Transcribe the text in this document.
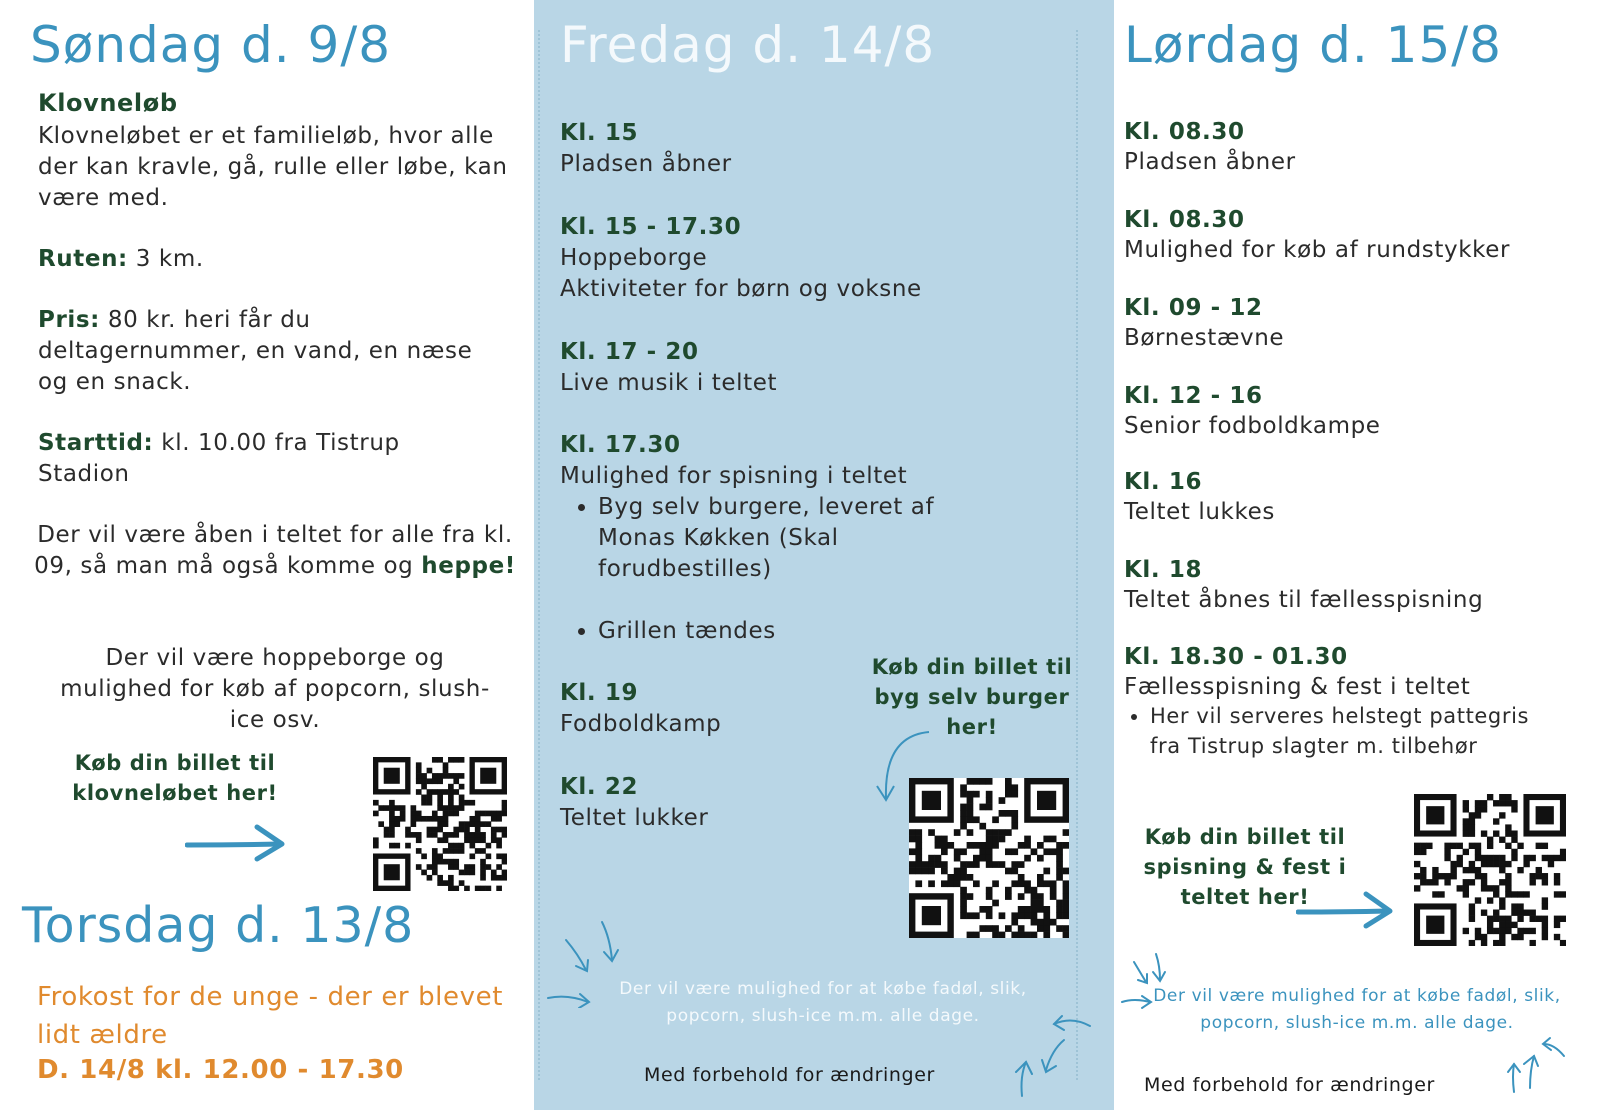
Søndag d. 9/8
Klovneløb
Klovneløbet er et familieløb, hvor alle der kan kravle, gå, rulle eller løbe, kan være med.
Ruten: 3 km.
Pris: 80 kr. heri får du deltagernummer, en vand, en næse og en snack.
Starttid: kl. 10.00 fra Tistrup Stadion
Der vil være åben i teltet for alle fra kl. 09, så man må også komme og heppe!
Der vil være hoppeborge og mulighed for køb af popcorn, slush-ice osv.
Køb din billet til klovneløbet her!
Torsdag d. 13/8
Frokost for de unge - der er blevet lidt ældre
D. 14/8 kl. 12.00 - 17.30
Fredag d. 14/8
Kl. 15
Pladsen åbner
Kl. 15 - 17.30
Hoppeborge
Aktiviteter for børn og voksne
Kl. 17 - 20
Live musik i teltet
Kl. 17.30
Mulighed for spisning i teltet
• Byg selv burgere, leveret af Monas Køkken (Skal forudbestilles)
• Grillen tændes
Kl. 19
Fodboldkamp
Kl. 22
Teltet lukker
Køb din billet til byg selv burger her!
Der vil være mulighed for at købe fadøl, slik, popcorn, slush-ice m.m. alle dage.
Med forbehold for ændringer
Lørdag d. 15/8
Kl. 08.30
Pladsen åbner
Kl. 08.30
Mulighed for køb af rundstykker
Kl. 09 - 12
Børnestævne
Kl. 12 - 16
Senior fodboldkampe
Kl. 16
Teltet lukkes
Kl. 18
Teltet åbnes til fællesspisning
Kl. 18.30 - 01.30
Fællesspisning & fest i teltet
• Her vil serveres helstegt pattegris fra Tistrup slagter m. tilbehør
Køb din billet til spisning & fest i teltet her!
Der vil være mulighed for at købe fadøl, slik, popcorn, slush-ice m.m. alle dage.
Med forbehold for ændringer
